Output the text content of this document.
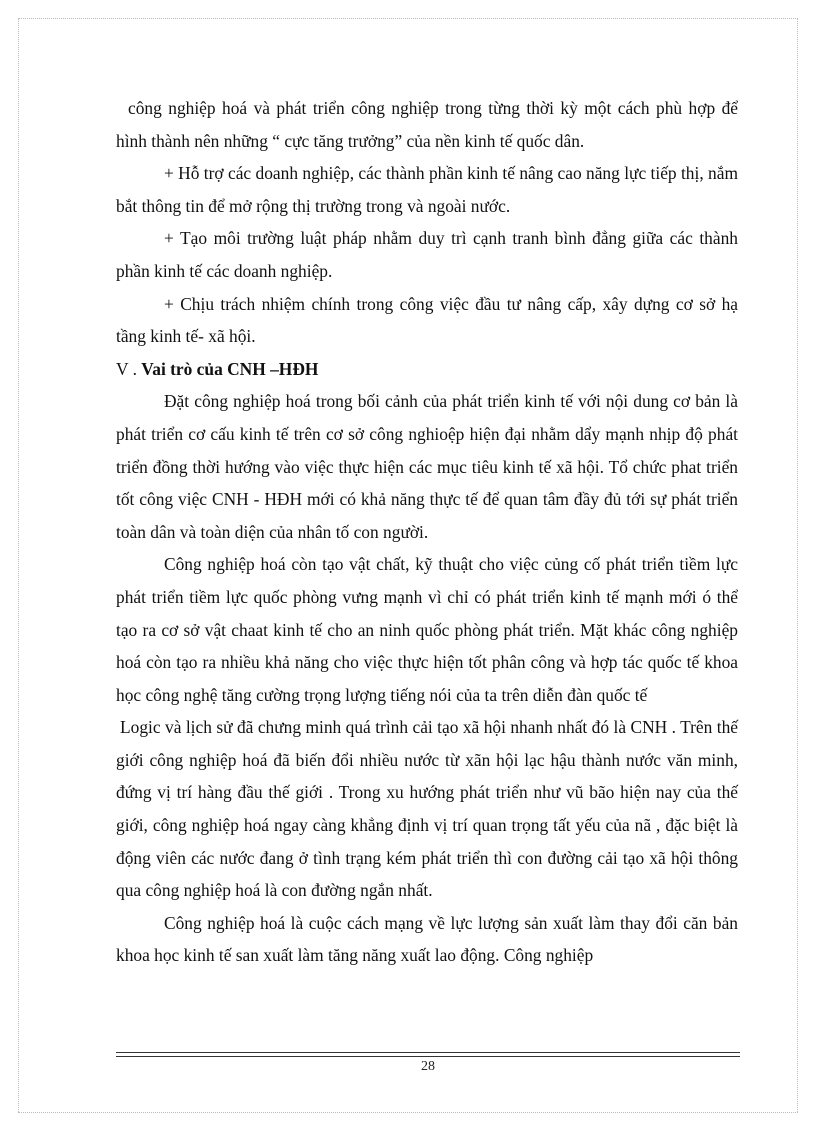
công nghiệp hoá và phát triển công nghiệp trong từng thời kỳ một cách phù hợp để hình thành nên những “ cực tăng trưởng” của nền kinh tế quốc dân.

+ Hỗ trợ các doanh nghiệp, các thành phần kinh tế nâng cao năng lực tiếp thị, nắm bắt thông tin để mở rộng thị trường trong và ngoài nước.

+ Tạo môi trường luật pháp nhằm duy trì cạnh tranh bình đẳng giữa các thành phần kinh tế các doanh nghiệp.

+ Chịu trách nhiệm chính trong công việc đầu tư nâng cấp, xây dựng cơ sở hạ tầng kinh tế- xã hội.

V . Vai trò của CNH –HĐH

Đặt công nghiệp hoá trong bối cảnh của phát triển kinh tế với nội dung cơ bản là phát triển cơ cấu kinh tế trên cơ sở công nghioệp hiện đại nhằm dẩy mạnh nhịp độ phát triển đồng thời hướng vào việc thực hiện các mục tiêu kinh tế xã hội. Tổ chức phat triển tốt công việc CNH - HĐH mới có khả năng thực tế để quan tâm đầy đủ tới sự phát triển toàn dân và toàn diện của nhân tố con người.

Công nghiệp hoá còn tạo vật chất, kỹ thuật cho việc củng cố phát triển tiềm lực phát triển tiềm lực quốc phòng vưng mạnh vì chỉ có phát triển kinh tế mạnh mới ó thể tạo ra cơ sở vật chaat kinh tế cho an ninh quốc phòng phát triển. Mặt khác công nghiệp hoá còn tạo ra nhiều khả năng cho việc thực hiện tốt phân công và hợp tác quốc tế khoa học công nghệ tăng cường trọng lượng tiếng nói của ta trên diễn đàn quốc tế

Logic và lịch sử đã chưng minh quá trình cải tạo xã hội nhanh nhất đó là CNH . Trên thế giới công nghiệp hoá đã biến đổi nhiều nước từ xãn hội lạc hậu thành nước văn minh, đứng vị trí hàng đầu thế giới . Trong xu hướng phát triển như vũ bão hiện nay của thế giới, công nghiệp hoá ngay càng khẳng định vị trí quan trọng tất yếu của nã , đặc biệt là động viên các nước đang ở tình trạng kém phát triển thì con đường cải tạo xã hội thông qua công nghiệp hoá là con đường ngắn nhất.

Công nghiệp hoá là cuộc cách mạng về lực lượng sản xuất làm thay đổi căn bản khoa học kinh tế san xuất làm tăng năng xuất lao động. Công nghiệp

28
